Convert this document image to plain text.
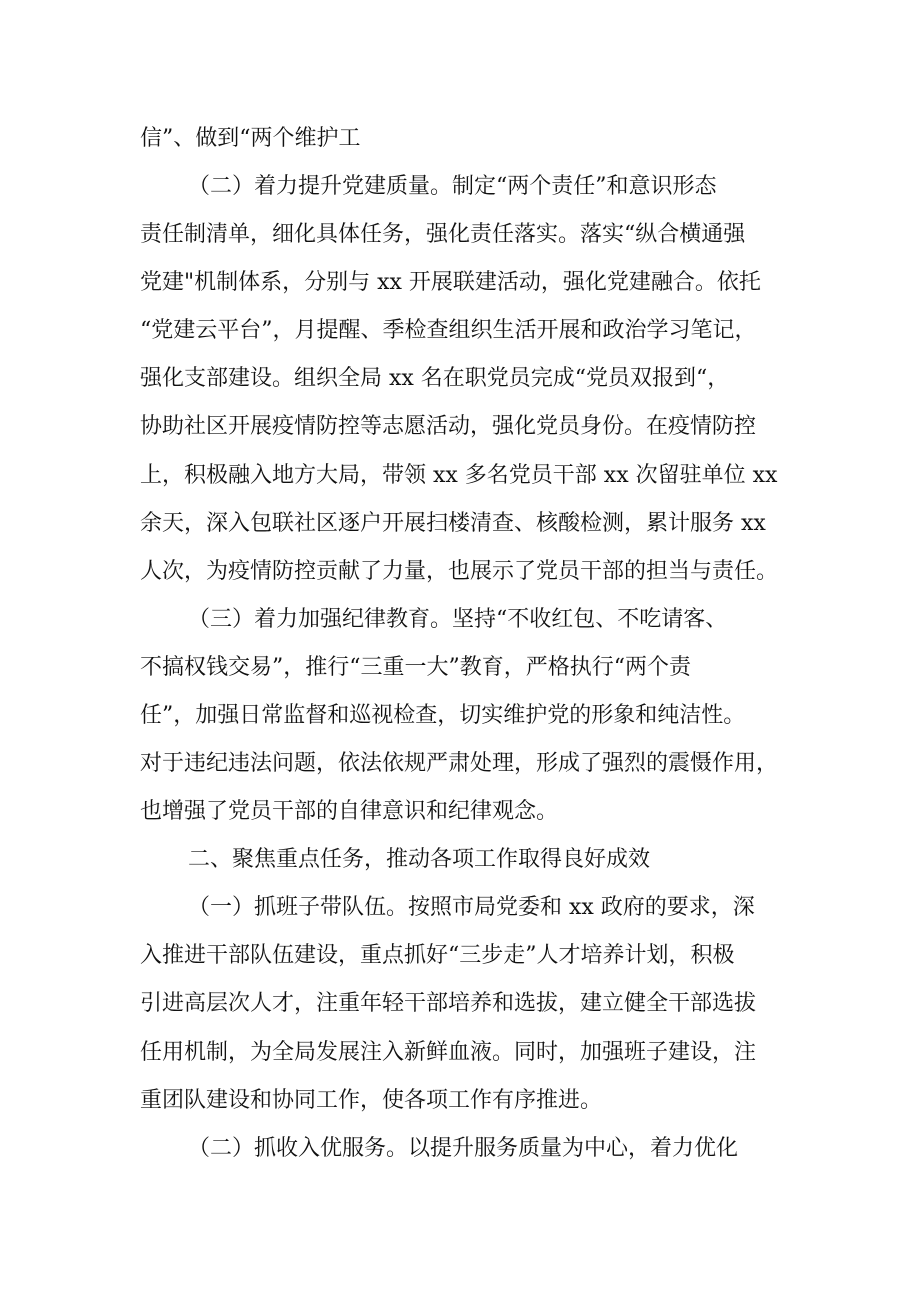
信”、做到“两个维护工

（二）着力提升党建质量。制定“两个责任”和意识形态

责任制清单，细化具体任务，强化责任落实。落实“纵合横通强

党建"机制体系，分别与 xx 开展联建活动，强化党建融合。依托

“党建云平台”，月提醒、季检查组织生活开展和政治学习笔记，

强化支部建设。组织全局 xx 名在职党员完成“党员双报到“，

协助社区开展疫情防控等志愿活动，强化党员身份。在疫情防控

上，积极融入地方大局，带领 xx 多名党员干部 xx 次留驻单位 xx

余天，深入包联社区逐户开展扫楼清查、核酸检测，累计服务 xx

人次，为疫情防控贡献了力量，也展示了党员干部的担当与责任。

（三）着力加强纪律教育。坚持“不收红包、不吃请客、

不搞权钱交易”，推行“三重一大”教育，严格执行“两个责

任”，加强日常监督和巡视检查，切实维护党的形象和纯洁性。

对于违纪违法问题，依法依规严肃处理，形成了强烈的震慑作用，

也增强了党员干部的自律意识和纪律观念。

二、聚焦重点任务，推动各项工作取得良好成效

（一）抓班子带队伍。按照市局党委和 xx 政府的要求，深

入推进干部队伍建设，重点抓好“三步走”人才培养计划，积极

引进高层次人才，注重年轻干部培养和选拔，建立健全干部选拔

任用机制，为全局发展注入新鲜血液。同时，加强班子建设，注

重团队建设和协同工作，使各项工作有序推进。

（二）抓收入优服务。以提升服务质量为中心，着力优化
